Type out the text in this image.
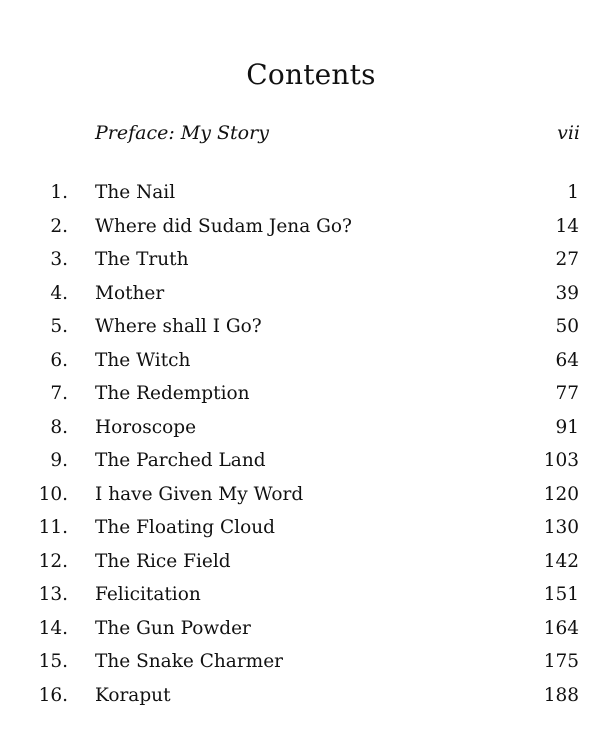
Contents
Preface: My Story	vii
1. The Nail	1
2. Where did Sudam Jena Go?	14
3. The Truth	27
4. Mother	39
5. Where shall I Go?	50
6. The Witch	64
7. The Redemption	77
8. Horoscope	91
9. The Parched Land	103
10. I have Given My Word	120
11. The Floating Cloud	130
12. The Rice Field	142
13. Felicitation	151
14. The Gun Powder	164
15. The Snake Charmer	175
16. Koraput	188
